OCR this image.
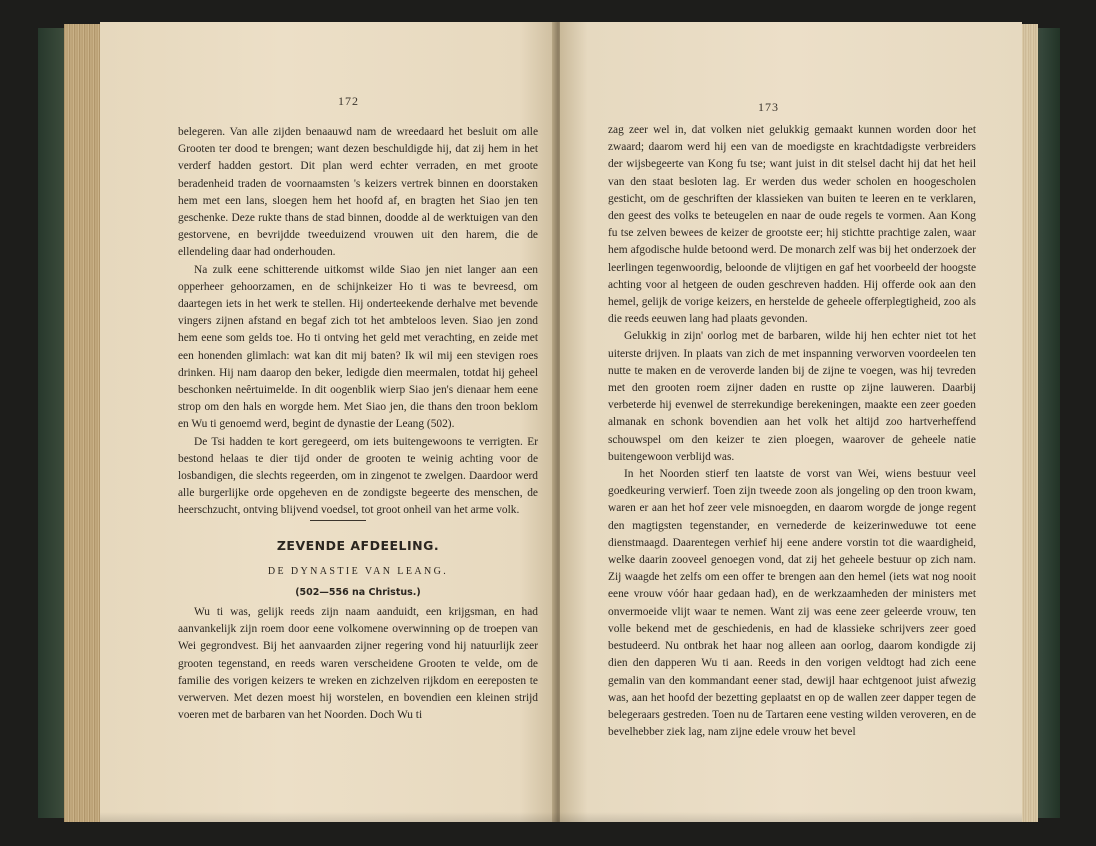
172

belegeren. Van alle zijden benaauwd nam de wreedaard het besluit om alle Grooten ter dood te brengen; want dezen beschuldigde hij, dat zij hem in het verderf hadden gestort. Dit plan werd echter verraden, en met groote beradenheid traden de voornaamsten 's keizers vertrek binnen en doorstaken hem met een lans, sloegen hem het hoofd af, en bragten het Siao jen ten geschenke. Deze rukte thans de stad binnen, doodde al de werktuigen van den gestorvene, en bevrijdde tweeduizend vrouwen uit den harem, die de ellendeling daar had onderhouden.

Na zulk eene schitterende uitkomst wilde Siao jen niet langer aan een opperheer gehoorzamen, en de schijnkeizer Ho ti was te bevreesd, om daartegen iets in het werk te stellen. Hij onderteekende derhalve met bevende vingers zijnen afstand en begaf zich tot het ambteloos leven. Siao jen zond hem eene som gelds toe. Ho ti ontving het geld met verachting, en zeide met een honenden glimlach: wat kan dit mij baten? Ik wil mij een stevigen roes drinken. Hij nam daarop den beker, ledigde dien meermalen, totdat hij geheel beschonken neêrtuimelde. In dit oogenblik wierp Siao jen's dienaar hem eene strop om den hals en worgde hem. Met Siao jen, die thans den troon beklom en Wu ti genoemd werd, begint de dynastie der Leang (502).

De Tsi hadden te kort geregeerd, om iets buitengewoons te verrigten. Er bestond helaas te dier tijd onder de grooten te weinig achting voor de losbandigen, die slechts regeerden, om in zingenot te zwelgen. Daardoor werd alle burgerlijke orde opgeheven en de zondigste begeerte des menschen, de heerschzucht, ontving blijvend voedsel, tot groot onheil van het arme volk.

ZEVENDE AFDEELING.
DE DYNASTIE VAN LEANG.
(502—556 na Christus.)

Wu ti was, gelijk reeds zijn naam aanduidt, een krijgsman, en had aanvankelijk zijn roem door eene volkomene overwinning op de troepen van Wei gegrondvest. Bij het aanvaarden zijner regering vond hij natuurlijk zeer grooten tegenstand, en reeds waren verscheidene Grooten te velde, om de familie des vorigen keizers te wreken en zichzelven rijkdom en eereposten te verwerven. Met dezen moest hij worstelen, en bovendien een kleinen strijd voeren met de barbaren van het Noorden. Doch Wu ti

173

zag zeer wel in, dat volken niet gelukkig gemaakt kunnen worden door het zwaard; daarom werd hij een van de moedigste en krachtdadigste verbreiders der wijsbegeerte van Kong fu tse; want juist in dit stelsel dacht hij dat het heil van den staat besloten lag. Er werden dus weder scholen en hoogescholen gesticht, om de geschriften der klassieken van buiten te leeren en te verklaren, den geest des volks te beteugelen en naar de oude regels te vormen. Aan Kong fu tse zelven bewees de keizer de grootste eer; hij stichtte prachtige zalen, waar hem afgodische hulde betoond werd. De monarch zelf was bij het onderzoek der leerlingen tegenwoordig, beloonde de vlijtigen en gaf het voorbeeld der hoogste achting voor al hetgeen de ouden geschreven hadden. Hij offerde ook aan den hemel, gelijk de vorige keizers, en herstelde de geheele offerplegtigheid, zoo als die reeds eeuwen lang had plaats gevonden.

Gelukkig in zijn' oorlog met de barbaren, wilde hij hen echter niet tot het uiterste drijven. In plaats van zich de met inspanning verworven voordeelen ten nutte te maken en de veroverde landen bij de zijne te voegen, was hij tevreden met den grooten roem zijner daden en rustte op zijne lauweren. Daarbij verbeterde hij evenwel de sterrekundige berekeningen, maakte een zeer goeden almanak en schonk bovendien aan het volk het altijd zoo hartverheffend schouwspel om den keizer te zien ploegen, waarover de geheele natie buitengewoon verblijd was.

In het Noorden stierf ten laatste de vorst van Wei, wiens bestuur veel goedkeuring verwierf. Toen zijn tweede zoon als jongeling op den troon kwam, waren er aan het hof zeer vele misnoegden, en daarom worgde de jonge regent den magtigsten tegenstander, en vernederde de keizerinweduwe tot eene dienstmaagd. Daarentegen verhief hij eene andere vorstin tot die waardigheid, welke daarin zooveel genoegen vond, dat zij het geheele bestuur op zich nam. Zij waagde het zelfs om een offer te brengen aan den hemel (iets wat nog nooit eene vrouw vóór haar gedaan had), en de werkzaamheden der ministers met onvermoeide vlijt waar te nemen. Want zij was eene zeer geleerde vrouw, ten volle bekend met de geschiedenis, en had de klassieke schrijvers zeer goed bestudeerd. Nu ontbrak het haar nog alleen aan oorlog, daarom kondigde zij dien den dapperen Wu ti aan. Reeds in den vorigen veldtogt had zich eene gemalin van den kommandant eener stad, dewijl haar echtgenoot juist afwezig was, aan het hoofd der bezetting geplaatst en op de wallen zeer dapper tegen de belegeraars gestreden. Toen nu de Tartaren eene vesting wilden veroveren, en de bevelhebber ziek lag, nam zijne edele vrouw het bevel
